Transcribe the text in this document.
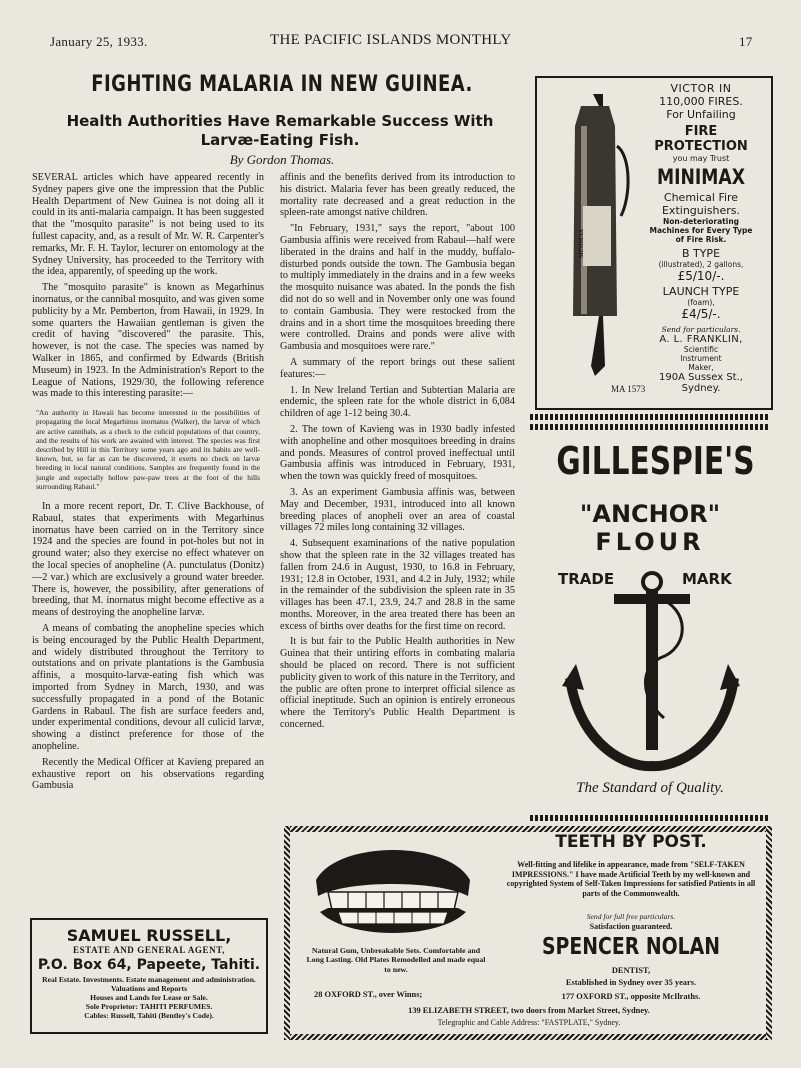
January 25, 1933.	THE PACIFIC ISLANDS MONTHLY	17
FIGHTING MALARIA IN NEW GUINEA.
Health Authorities Have Remarkable Success With Larvæ-Eating Fish.
By Gordon Thomas.

SEVERAL articles which have appeared recently in Sydney papers give one the impression that the Public Health Department of New Guinea is not doing all it could in its anti-malaria campaign. It has been suggested that the "mosquito parasite" is not being used to its fullest capacity, and, as a result of Mr. W. R. Carpenter's remarks, Mr. F. H. Taylor, lecturer on entomology at the Sydney University, has proceeded to the Territory with the idea, apparently, of speeding up the work.

The "mosquito parasite" is known as Megarhinus inornatus, or the cannibal mosquito, and was given some publicity by a Mr. Pemberton, from Hawaii, in 1929. In some quarters the Hawaiian gentleman is given the credit of having "discovered" the parasite. This, however, is not the case. The species was named by Walker in 1865, and confirmed by Edwards (British Museum) in 1923. In the Administration's Report to the League of Nations, 1929/30, the following reference was made to this interesting parasite:—

"An authority in Hawaii has become interested in the possibilities of propagating the local Megarhinus inornatus (Walker), the larvæ of which are active cannibals, as a check to the culicid populations of that country, and the results of his work are awaited with interest. The species was first described by Hill in this Territory some years ago and its habits are well-known, but, so far as can be discovered, it exerts no check on larvæ breeding in local natural conditions. Samples are frequently found in the jungle and especially hollow paw-paw trees at the foot of the hills surrounding Rabaul."

In a more recent report, Dr. T. Clive Backhouse, of Rabaul, states that experiments with Megarhinus inornatus have been carried on in the Territory since 1924 and the species are found in pot-holes but not in ground water; also they exercise no effect whatever on the local species of anopheline (A. punctulatus (Donitz)—2 var.) which are exclusively a ground water breeder. There is, however, the possibility, after generations of breeding, that M. inornatus might become effective as a means of destroying the anopheline larvæ.

A means of combating the anopheline species which is being encouraged by the Public Health Department, and widely distributed throughout the Territory to outstations and on private plantations is the Gambusia affinis, a mosquito-larvæ-eating fish which was imported from Sydney in March, 1930, and was successfully propagated in a pond of the Botanic Gardens in Rabaul. The fish are surface feeders and, under experimental conditions, devour all culicid larvæ, showing a distinct preference for those of the anopheline.

Recently the Medical Officer at Kavieng prepared an exhaustive report on his observations regarding Gambusia

affinis and the benefits derived from its introduction to his district. Malaria fever has been greatly reduced, the mortality rate decreased and a great reduction in the spleen-rate amongst native children.

"In February, 1931," says the report, "about 100 Gambusia affinis were received from Rabaul—half were liberated in the drains and half in the muddy, buffalo-disturbed ponds outside the town. The Gambusia began to multiply immediately in the drains and in a few weeks the mosquito nuisance was abated. In the ponds the fish did not do so well and in November only one was found to contain Gambusia. They were restocked from the drains and in a short time the mosquitoes breeding there were controlled. Drains and ponds were alive with Gambusia and mosquitoes were rare."

A summary of the report brings out these salient features:—

1. In New Ireland Tertian and Subtertian Malaria are endemic, the spleen rate for the whole district in 6,084 children of age 1-12 being 30.4.

2. The town of Kavieng was in 1930 badly infested with anopheline and other mosquitoes breeding in drains and ponds. Measures of control proved ineffectual until Gambusia affinis was introduced in February, 1931, when the town was quickly freed of mosquitoes.

3. As an experiment Gambusia affinis was, between May and December, 1931, introduced into all known breeding places of anopheli over an area of coastal villages 72 miles long containing 32 villages.

4. Subsequent examinations of the native population show that the spleen rate in the 32 villages treated has fallen from 24.6 in August, 1930, to 16.8 in February, 1931; 12.8 in October, 1931, and 4.2 in July, 1932; while in the remainder of the subdivision the spleen rate in 35 villages has been 47.1, 23.9, 24.7 and 28.8 in the same months. Moreover, in the area treated there has been an excess of births over deaths for the first time on record.

It is but fair to the Public Health authorities in New Guinea that their untiring efforts in combating malaria should be placed on record. There is not sufficient publicity given to work of this nature in the Territory, and the public are often prone to interpret official silence as official ineptitude. Such an opinion is entirely erroneous where the Territory's Public Health Department is concerned.

SAMUEL RUSSELL,
ESTATE AND GENERAL AGENT,
P.O. Box 64, Papeete, Tahiti.
Real Estate. Investments. Estate management and administration. Valuations and Reports
Houses and Lands for Lease or Sale.
Sole Proprietor: TAHITI PERFUMES.
Cables: Russell, Tahiti (Bentley's Code).
MINIMAX
VICTOR IN
110,000 FIRES.
For Unfailing
FIRE
PROTECTION
you may Trust
MINIMAX
Chemical Fire
Extinguishers.
Non-deteriorating Machines for Every Type of Fire Risk.
B TYPE
(illustrated), 2 gallons,
£5/10/-.
LAUNCH TYPE
(foam),
£4/5/-.
Send for particulars.
A. L. FRANKLIN,
Scientific Instrument Maker,
190A Sussex St.,
Sydney.
MA 1573
GILLESPIE'S
"ANCHOR"
FLOUR
TRADE	MARK
The Standard of Quality.
Natural Gum, Unbreakable Sets. Comfortable and Long Lasting. Old Plates Remodelled and made equal to new.
TEETH BY POST.
Well-fitting and lifelike in appearance, made from "SELF-TAKEN IMPRESSIONS." I have made Artificial Teeth by my well-known and copyrighted System of Self-Taken Impressions for satisfied Patients in all parts of the Commonwealth.
Send for full free particulars.
Satisfaction guaranteed.
SPENCER NOLAN
DENTIST,
Established in Sydney over 35 years.
28 OXFORD ST., over Winns;	177 OXFORD ST., opposite McIlraths.
139 ELIZABETH STREET, two doors from Market Street, Sydney.
Telegraphic and Cable Address: "FASTPLATE," Sydney.
